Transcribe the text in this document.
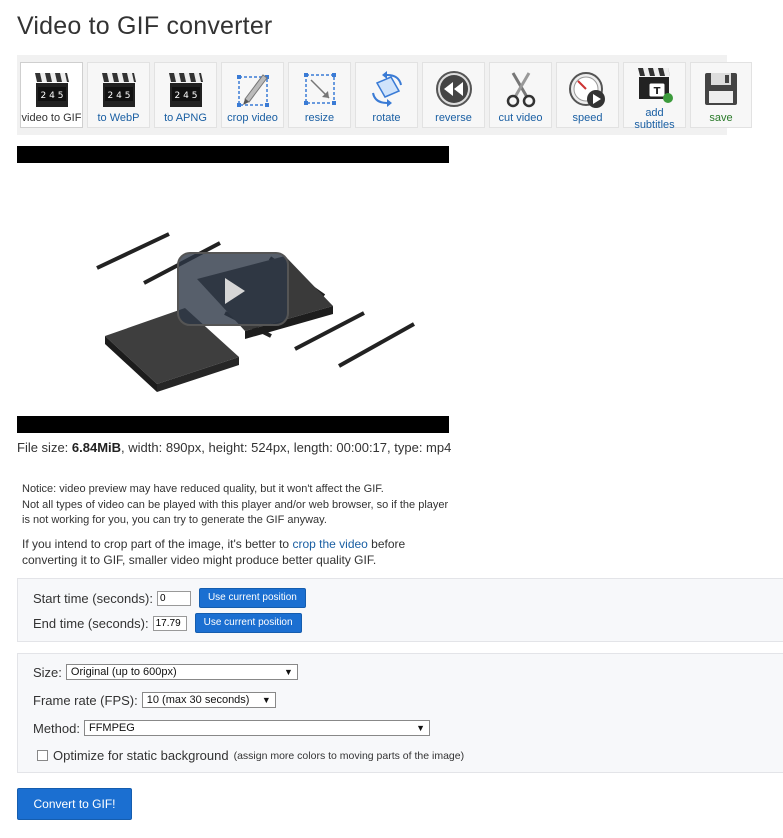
Video to GIF converter
2 4 5
video to GIF
2 4 5
to WebP
2 4 5
to APNG	crop video	resize	rotate	reverse	cut video	speed
T
add subtitles
save
File size: 6.84MiB, width: 890px, height: 524px, length: 00:00:17, type: mp4
Notice: video preview may have reduced quality, but it won't affect the GIF.
Not all types of video can be played with this player and/or web browser, so if the player
is not working for you, you can try to generate the GIF anyway.
If you intend to crop part of the image, it's better to crop the video before converting it to GIF, smaller video might produce better quality GIF.
Start time (seconds):
0	Use current position
End time (seconds):
17.79	Use current position
Size: Original (up to 600px)	▼
Frame rate (FPS): 10 (max 30 seconds) ▼
Method: FFMPEG	▼
Optimize for static background (assign more colors to moving parts of the image)
Convert to GIF!
